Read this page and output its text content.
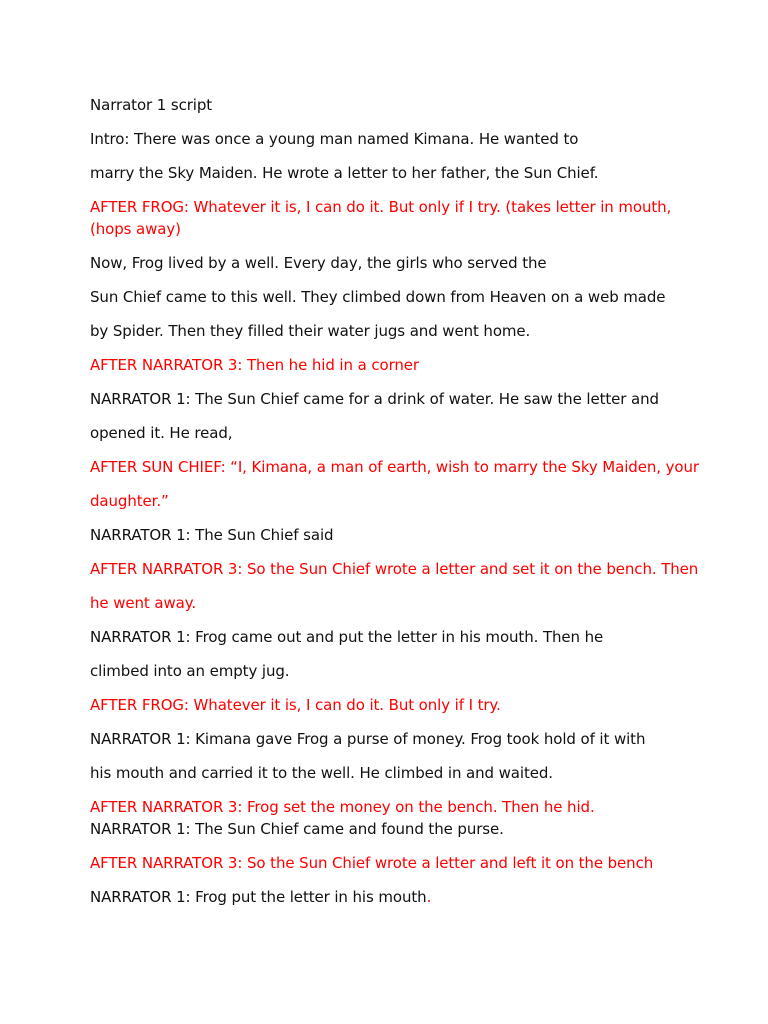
Narrator 1 script

Intro: There was once a young man named Kimana. He wanted to

marry the Sky Maiden. He wrote a letter to her father, the Sun Chief.

AFTER FROG: Whatever it is, I can do it. But only if I try. (takes letter in mouth,

(hops away)

Now, Frog lived by a well. Every day, the girls who served the

Sun Chief came to this well. They climbed down from Heaven on a web made

by Spider. Then they filled their water jugs and went home.

AFTER NARRATOR 3: Then he hid in a corner

NARRATOR 1: The Sun Chief came for a drink of water. He saw the letter and

opened it. He read,

AFTER SUN CHIEF: “I, Kimana, a man of earth, wish to marry the Sky Maiden, your

daughter.”

NARRATOR 1: The Sun Chief said

AFTER NARRATOR 3: So the Sun Chief wrote a letter and set it on the bench. Then

he went away.

NARRATOR 1: Frog came out and put the letter in his mouth. Then he

climbed into an empty jug.

AFTER FROG: Whatever it is, I can do it. But only if I try.

NARRATOR 1: Kimana gave Frog a purse of money. Frog took hold of it with

his mouth and carried it to the well. He climbed in and waited.

AFTER NARRATOR 3: Frog set the money on the bench. Then he hid.

NARRATOR 1: The Sun Chief came and found the purse.

AFTER NARRATOR 3: So the Sun Chief wrote a letter and left it on the bench

NARRATOR 1: Frog put the letter in his mouth.
